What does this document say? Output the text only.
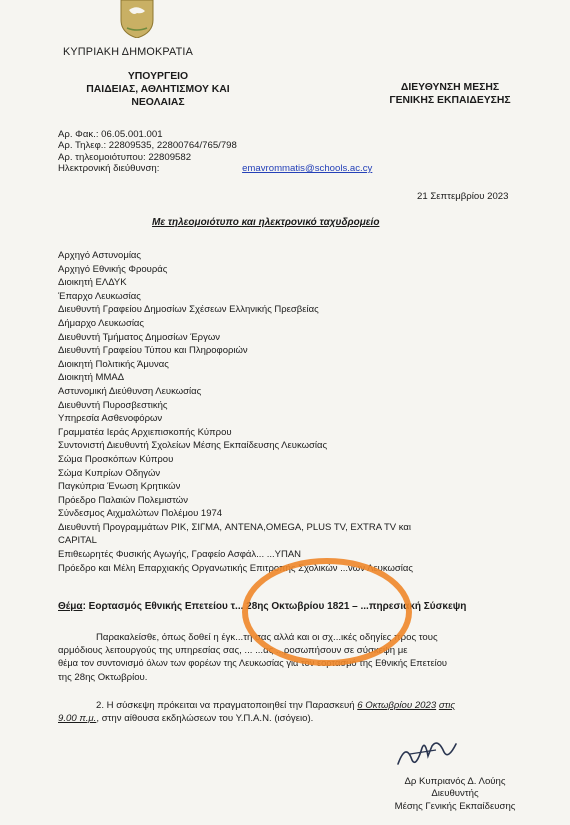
ΚΥΠΡΙΑΚΗ ΔΗΜΟΚΡΑΤΙΑ
ΥΠΟΥΡΓΕΙΟ
ΠΑΙΔΕΙΑΣ, ΑΘΛΗΤΙΣΜΟΥ ΚΑΙ
ΝΕΟΛΑΙΑΣ
ΔΙΕΥΘΥΝΣΗ ΜΕΣΗΣ
ΓΕΝΙΚΗΣ ΕΚΠΑΙΔΕΥΣΗΣ
Αρ. Φακ.: 06.05.001.001
Αρ. Τηλεφ.: 22809535, 22800764/765/798
Αρ. τηλεομοιότυπου: 22809582
Ηλεκτρονική διεύθυνση:	emavrommatis@schools.ac.cy
21 Σεπτεμβρίου 2023
Με τηλεομοιότυπο και ηλεκτρονικό ταχυδρομείο
Αρχηγό Αστυνομίας
Αρχηγό Εθνικής Φρουράς
Διοικητή ΕΛΔΥΚ
Έπαρχο Λευκωσίας
Διευθυντή Γραφείου Δημοσίων Σχέσεων Ελληνικής Πρεσβείας
Δήμαρχο Λευκωσίας
Διευθυντή Τμήματος Δημοσίων Έργων
Διευθυντή Γραφείου Τύπου και Πληροφοριών
Διοικητή Πολιτικής Άμυνας
Διοικητή ΜΜΑΔ
Αστυνομική Διεύθυνση Λευκωσίας
Διευθυντή Πυροσβεστικής
Υπηρεσία Ασθενοφόρων
Γραμματέα Ιεράς Αρχιεπισκοπής Κύπρου
Συντονιστή Διευθυντή Σχολείων Μέσης Εκπαίδευσης Λευκωσίας
Σώμα Προσκόπων Κύπρου
Σώμα Κυπρίων Οδηγών
Παγκύπρια Ένωση Κρητικών
Πρόεδρο Παλαιών Πολεμιστών
Σύνδεσμος Αιχμαλώτων Πολέμου 1974
Διευθυντή Προγραμμάτων ΡΙΚ, ΣΙΓΜΑ, ANTENA,OMEGA, PLUS TV, EXTRA TV και
CAPITAL
Επιθεωρητές Φυσικής Αγωγής, Γραφείο Ασφάλ... ...ΥΠΑΝ
Πρόεδρο και Μέλη Επαρχιακής Οργανωτικής Επιτροπής Σχολικών ...νων Λευκωσίας
Θέμα: Εορτασμός Εθνικής Επετείου τ... 28ης Οκτωβρίου 1821 – ...πηρεσιακή Σύσκεψη
Παρακαλείσθε, όπως δοθεί η έγκ...τη σας αλλά και οι σχ...ικές οδηγίες προς τους
αρμόδιους λειτουργούς της υπηρεσίας σας, ... ...ας ...ροσωπήσουν σε σύσκεψη με
θέμα τον συντονισμό όλων των φορέων της Λευκωσίας για τον εορτασμό της Εθνικής Επετείου
της 28ης Οκτωβρίου.
2. Η σύσκεψη πρόκειται να πραγματοποιηθεί την Παρασκευή 6 Οκτωβρίου 2023 στις
9.00 π.μ., στην αίθουσα εκδηλώσεων του Υ.Π.Α.Ν. (ισόγειο).
Δρ Κυπριανός Δ. Λούης
Διευθυντής
Μέσης Γενικής Εκπαίδευσης
